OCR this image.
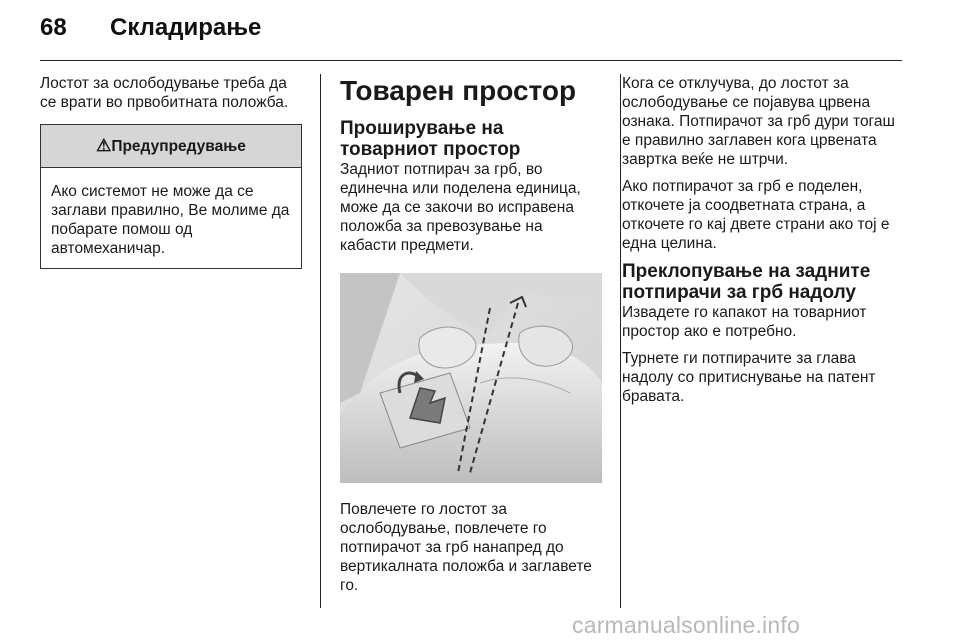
68 Складирање

Лостот за ослободување треба да се врати во првобитната положба.

⚠Предупредување
Ако системот не може да се заглави правилно, Ве молиме да побарате помош од автомеханичар.
Товарен простор
Проширување на товарниот простор

Задниот потпирач за грб, во единечна или поделена единица, може да се закочи во исправена положба за превозување на кабасти предмети.

Повлечете го лостот за ослободување, повлечете го потпирачот за грб нанапред до вертикалната положба и заглавете го.

Кога се отклучува, до лостот за ослободување се појавува црвена ознака. Потпирачот за грб дури тогаш е правилно заглавен кога црвената завртка веќе не штрчи.

Ако потпирачот за грб е поделен, откочете ја соодветната страна, а откочете го кај двете страни ако тој е една целина.

Преклопување на задните потпирачи за грб надолу

Извадете го капакот на товарниот простор ако е потребно.

Турнете ги потпирачите за глава надолу со притиснување на патент бравата.

carmanualsonline.info
